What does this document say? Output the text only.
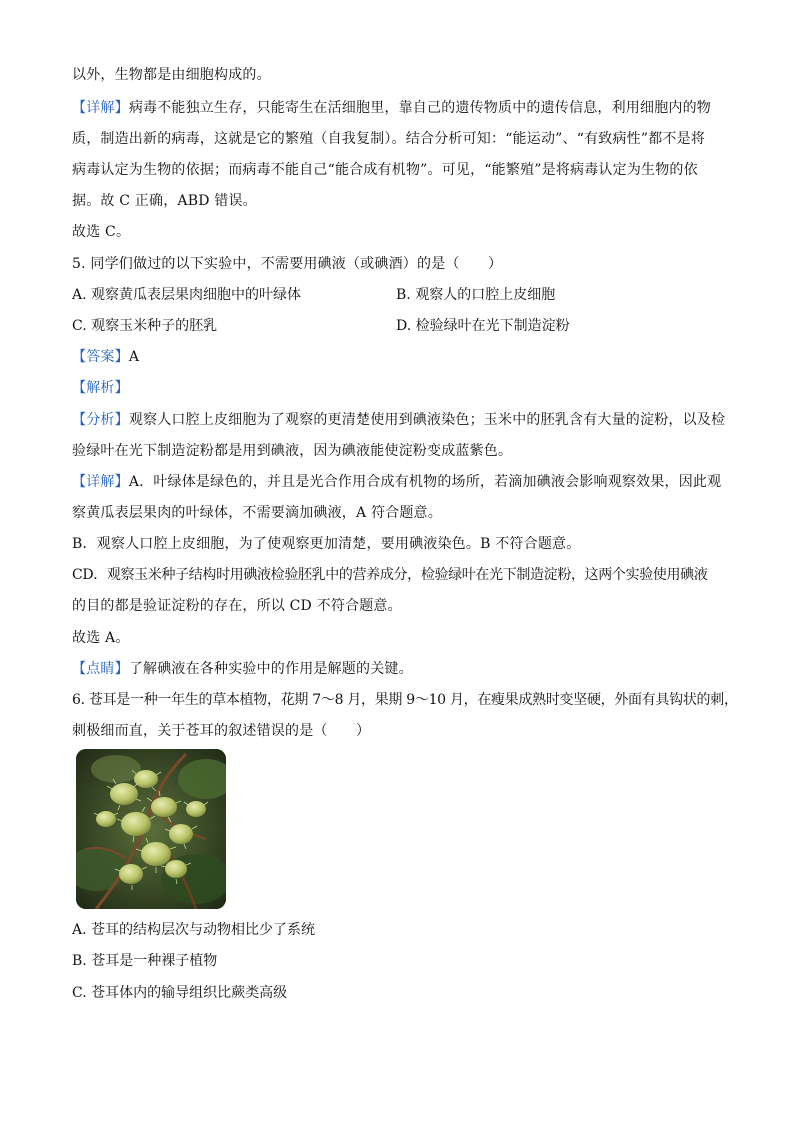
以外，生物都是由细胞构成的。
【详解】病毒不能独立生存，只能寄生在活细胞里，靠自己的遗传物质中的遗传信息，利用细胞内的物
质，制造出新的病毒，这就是它的繁殖（自我复制）。结合分析可知：“能运动”、“有致病性”都不是将
病毒认定为生物的依据；而病毒不能自己“能合成有机物”。可见，“能繁殖”是将病毒认定为生物的依
据。故 C 正确，ABD 错误。
故选 C。
5. 同学们做过的以下实验中，不需要用碘液（或碘酒）的是（　　）
A. 观察黄瓜表层果肉细胞中的叶绿体	B. 观察人的口腔上皮细胞
C. 观察玉米种子的胚乳	D. 检验绿叶在光下制造淀粉
【答案】A
【解析】
【分析】观察人口腔上皮细胞为了观察的更清楚使用到碘液染色；玉米中的胚乳含有大量的淀粉，以及检
验绿叶在光下制造淀粉都是用到碘液，因为碘液能使淀粉变成蓝紫色。
【详解】A．叶绿体是绿色的，并且是光合作用合成有机物的场所，若滴加碘液会影响观察效果，因此观
察黄瓜表层果肉的叶绿体，不需要滴加碘液，A 符合题意。
B．观察人口腔上皮细胞，为了使观察更加清楚，要用碘液染色。B 不符合题意。
CD．观察玉米种子结构时用碘液检验胚乳中的营养成分，检验绿叶在光下制造淀粉，这两个实验使用碘液
的目的都是验证淀粉的存在，所以 CD 不符合题意。
故选 A。
【点睛】了解碘液在各种实验中的作用是解题的关键。
6. 苍耳是一种一年生的草本植物，花期 7～8 月，果期 9～10 月，在瘦果成熟时变坚硬，外面有具钩状的刺，
刺极细而直，关于苍耳的叙述错误的是（　　）
A. 苍耳的结构层次与动物相比少了系统
B. 苍耳是一种裸子植物
C. 苍耳体内的输导组织比蕨类高级
